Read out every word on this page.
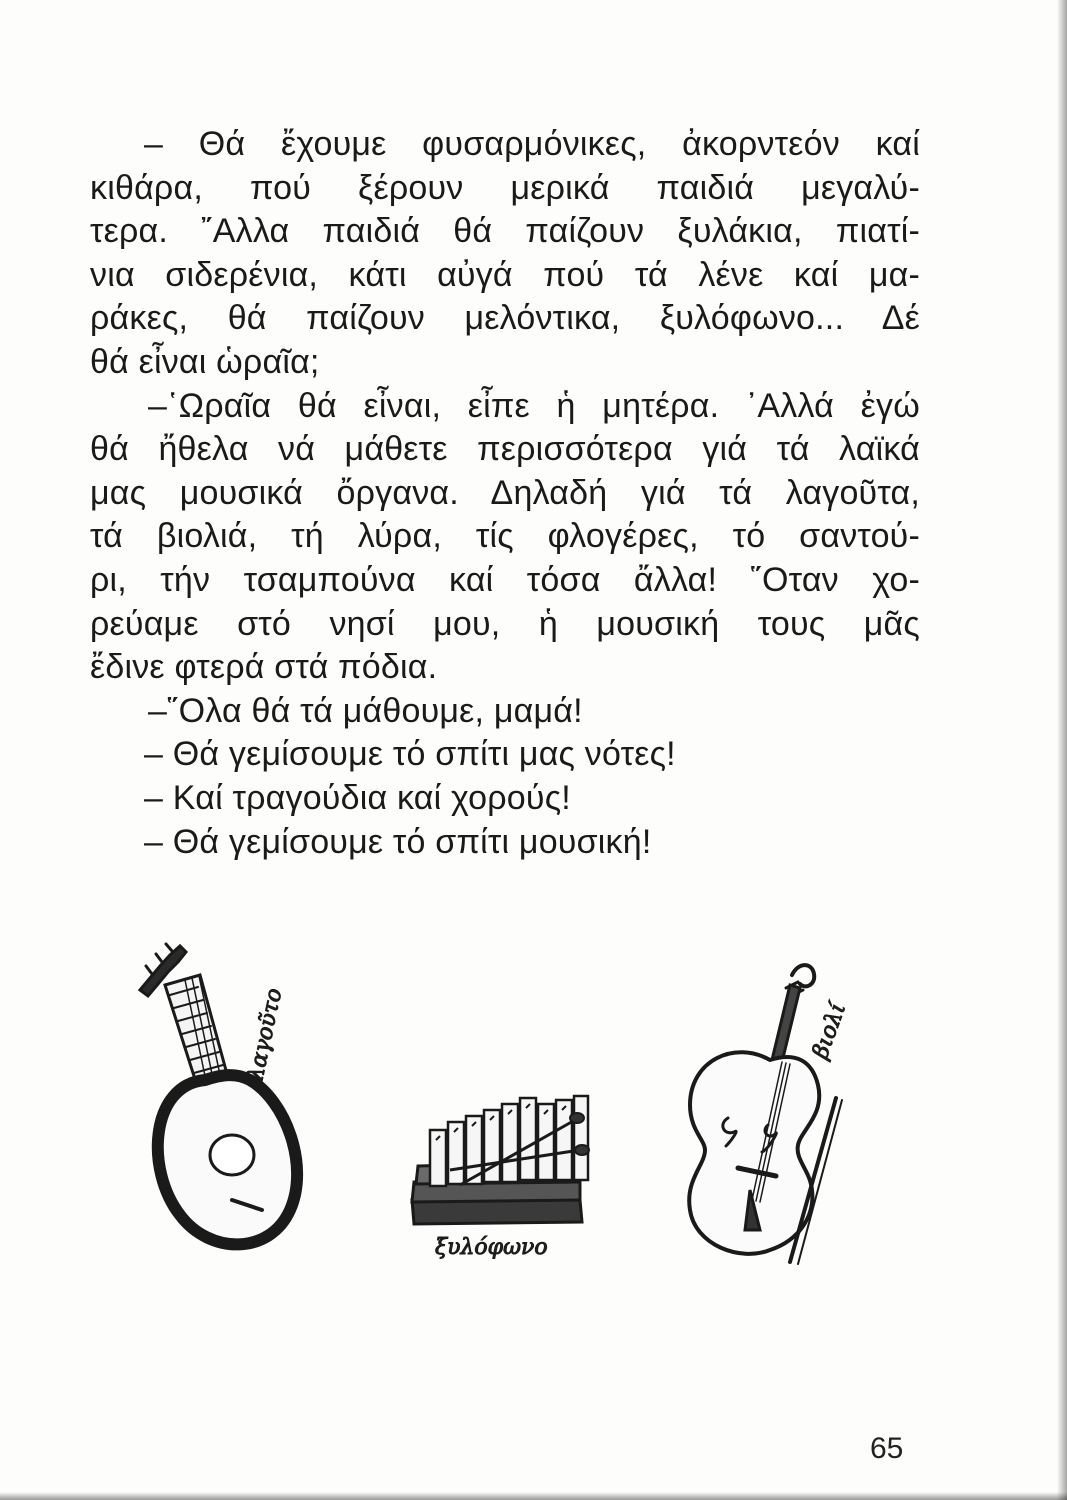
– Θά ἔχουμε φυσαρμόνικες, ἀκορντεόν καί
κιθάρα, πού ξέρουν μερικά παιδιά μεγαλύ-
τερα. ῎Αλλα παιδιά θά παίζουν ξυλάκια, πιατί-
νια σιδερένια, κάτι αὐγά πού τά λένε καί μα-
ράκες, θά παίζουν μελόντικα, ξυλόφωνο... Δέ
θά εἶναι ὡραῖα;
–῾Ωραῖα θά εἶναι, εἶπε ἡ μητέρα. ᾿Αλλά ἐγώ
θά ἤθελα νά μάθετε περισσότερα γιά τά λαϊκά
μας μουσικά ὄργανα. Δηλαδή γιά τά λαγοῦτα,
τά βιολιά, τή λύρα, τίς φλογέρες, τό σαντού-
ρι, τήν τσαμπούνα καί τόσα ἄλλα! ῞Οταν χο-
ρεύαμε στό νησί μου, ἡ μουσική τους μᾶς
ἔδινε φτερά στά πόδια.
–῞Ολα θά τά μάθουμε, μαμά!
– Θά γεμίσουμε τό σπίτι μας νότες!
– Καί τραγούδια καί χορούς!
– Θά γεμίσουμε τό σπίτι μουσική!
λαγοῦτο
ξυλόφωνο
βιολί
65
